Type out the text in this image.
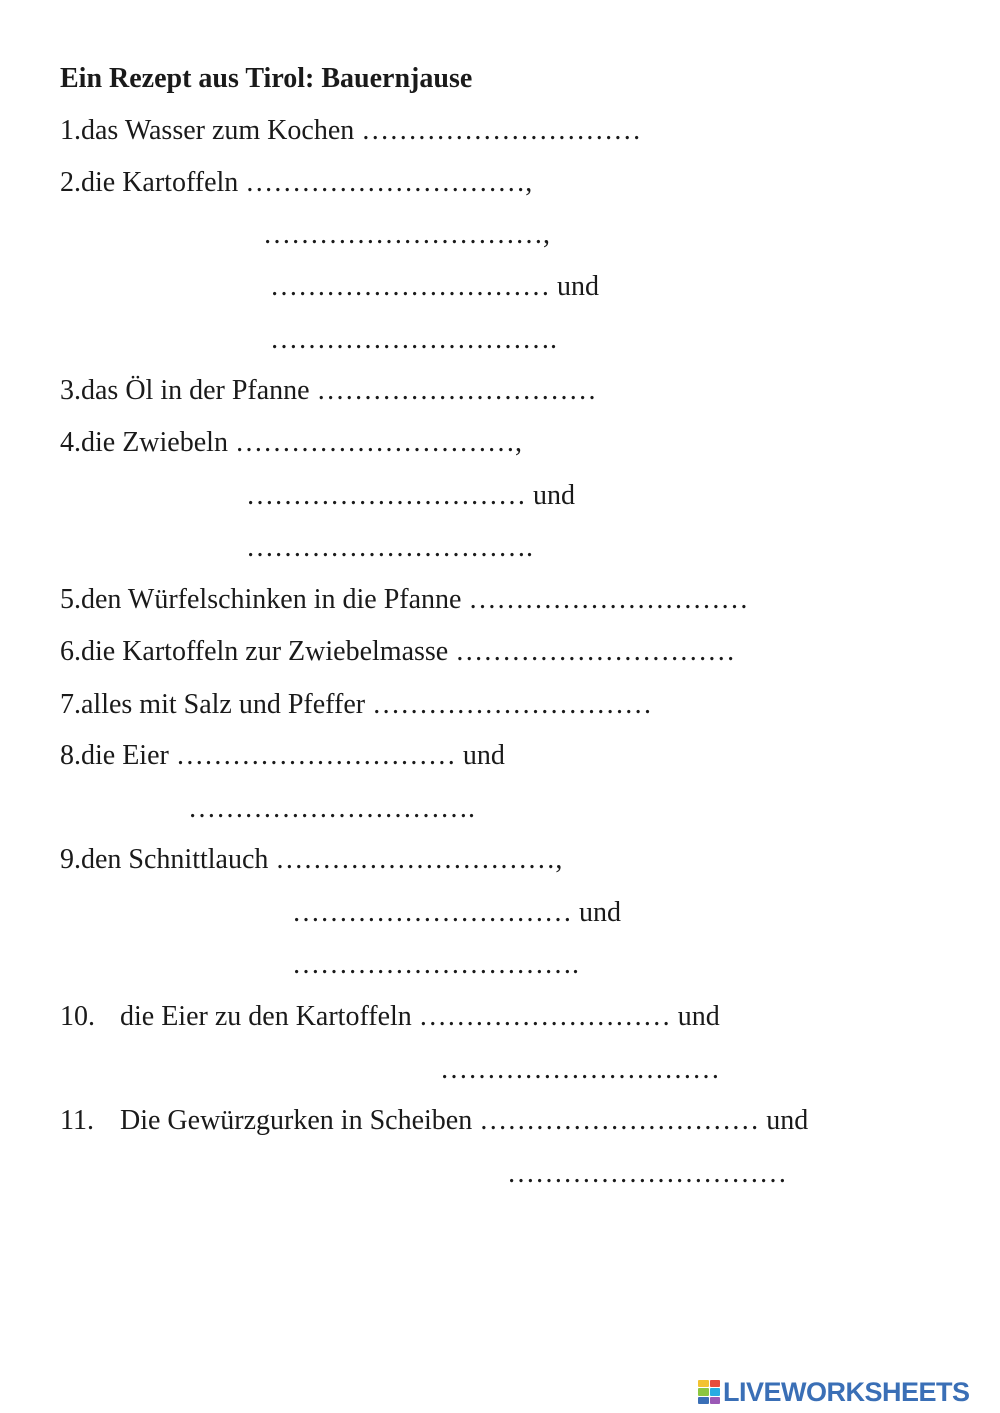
Ein Rezept aus Tirol: Bauernjause

1.das Wasser zum Kochen …………………………

2.die Kartoffeln …………………………,

…………………………,

………………………… und

………………………….

3.das Öl in der Pfanne …………………………

4.die Zwiebeln …………………………,

………………………… und

………………………….

5.den Würfelschinken in die Pfanne …………………………

6.die Kartoffeln zur Zwiebelmasse …………………………

7.alles mit Salz und Pfeffer …………………………

8.die Eier ………………………… und

………………………….

9.den Schnittlauch …………………………,

………………………… und

………………………….

10. die Eier zu den Kartoffeln ……………………… und

…………………………

11. Die Gewürzgurken in Scheiben ………………………… und

…………………………

LIVEWORKSHEETS
